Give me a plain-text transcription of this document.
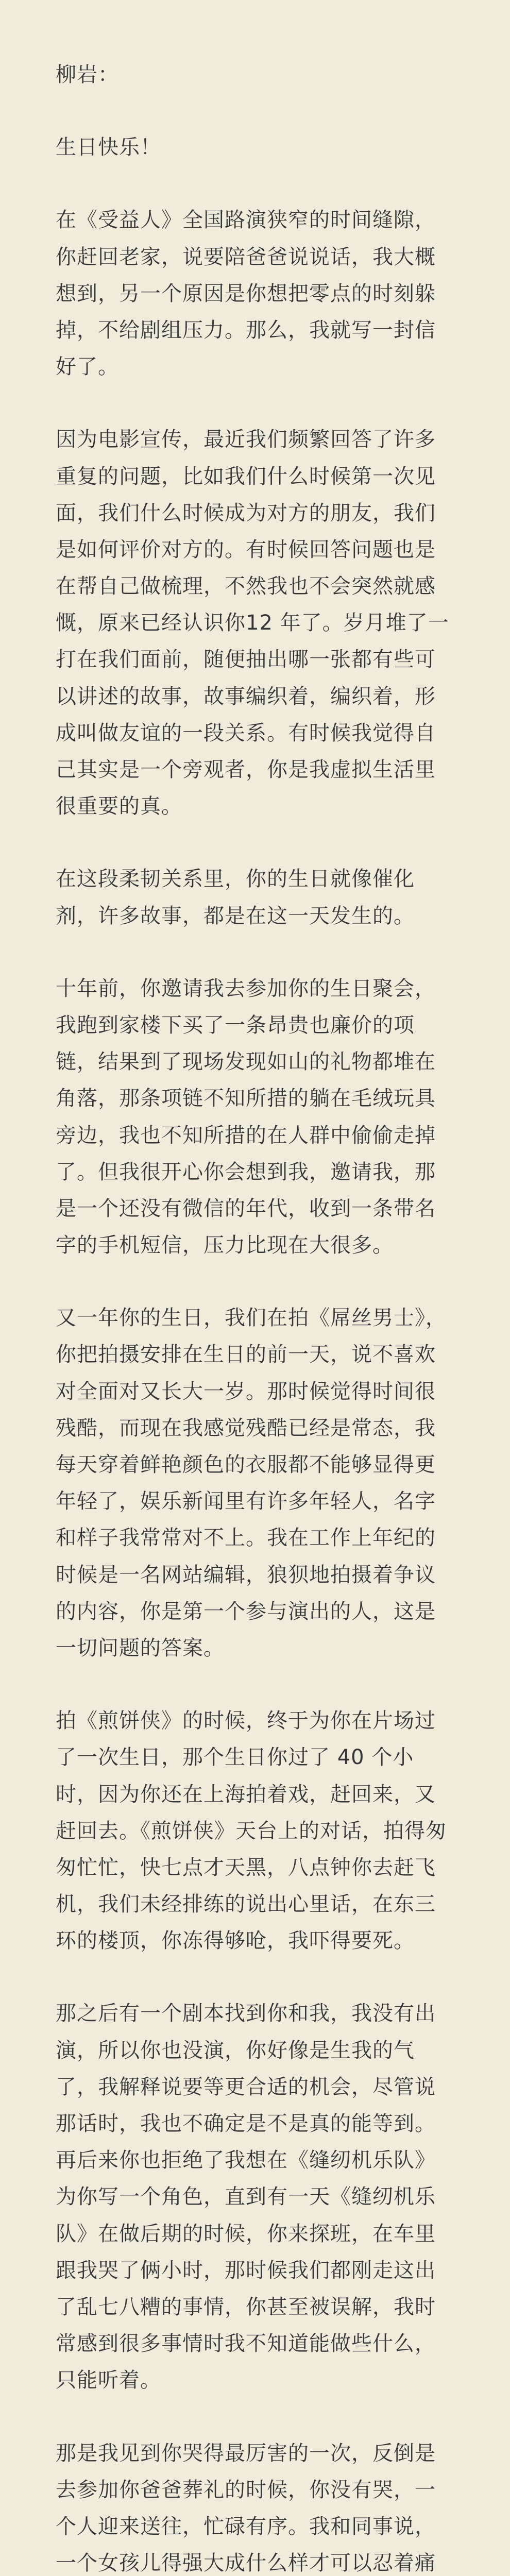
柳岩：

生日快乐！

在《受益人》全国路演狭窄的时间缝隙，你赶回老家，说要陪爸爸说说话，我大概想到，另一个原因是你想把零点的时刻躲掉，不给剧组压力。那么，我就写一封信好了。

因为电影宣传，最近我们频繁回答了许多重复的问题，比如我们什么时候第一次见面，我们什么时候成为对方的朋友，我们是如何评价对方的。有时候回答问题也是在帮自己做梳理，不然我也不会突然就感慨，原来已经认识你12 年了。岁月堆了一打在我们面前，随便抽出哪一张都有些可以讲述的故事，故事编织着，编织着，形成叫做友谊的一段关系。有时候我觉得自己其实是一个旁观者，你是我虚拟生活里很重要的真。

在这段柔韧关系里，你的生日就像催化剂，许多故事，都是在这一天发生的。

十年前，你邀请我去参加你的生日聚会，我跑到家楼下买了一条昂贵也廉价的项链，结果到了现场发现如山的礼物都堆在角落，那条项链不知所措的躺在毛绒玩具旁边，我也不知所措的在人群中偷偷走掉了。但我很开心你会想到我，邀请我，那是一个还没有微信的年代，收到一条带名字的手机短信，压力比现在大很多。

又一年你的生日，我们在拍《屌丝男士》，你把拍摄安排在生日的前一天，说不喜欢对全面对又长大一岁。那时候觉得时间很残酷，而现在我感觉残酷已经是常态，我每天穿着鲜艳颜色的衣服都不能够显得更年轻了，娱乐新闻里有许多年轻人，名字和样子我常常对不上。我在工作上年纪的时候是一名网站编辑，狼狈地拍摄着争议的内容，你是第一个参与演出的人，这是一切问题的答案。

拍《煎饼侠》的时候，终于为你在片场过了一次生日，那个生日你过了 40 个小时，因为你还在上海拍着戏，赶回来，又赶回去。《煎饼侠》天台上的对话，拍得匆匆忙忙，快七点才天黑，八点钟你去赶飞机，我们未经排练的说出心里话，在东三环的楼顶，你冻得够呛，我吓得要死。

那之后有一个剧本找到你和我，我没有出演，所以你也没演，你好像是生我的气了，我解释说要等更合适的机会，尽管说那话时，我也不确定是不是真的能等到。再后来你也拒绝了我想在《缝纫机乐队》为你写一个角色，直到有一天《缝纫机乐队》在做后期的时候，你来探班，在车里跟我哭了俩小时，那时候我们都刚走这出了乱七八糟的事情，你甚至被误解，我时常感到很多事情时我不知道能做些什么，只能听着。

那是我见到你哭得最厉害的一次，反倒是去参加你爸爸葬礼的时候，你没有哭，一个人迎来送往，忙碌有序。我和同事说，一个女孩儿得强大成什么样才可以忍着痛
